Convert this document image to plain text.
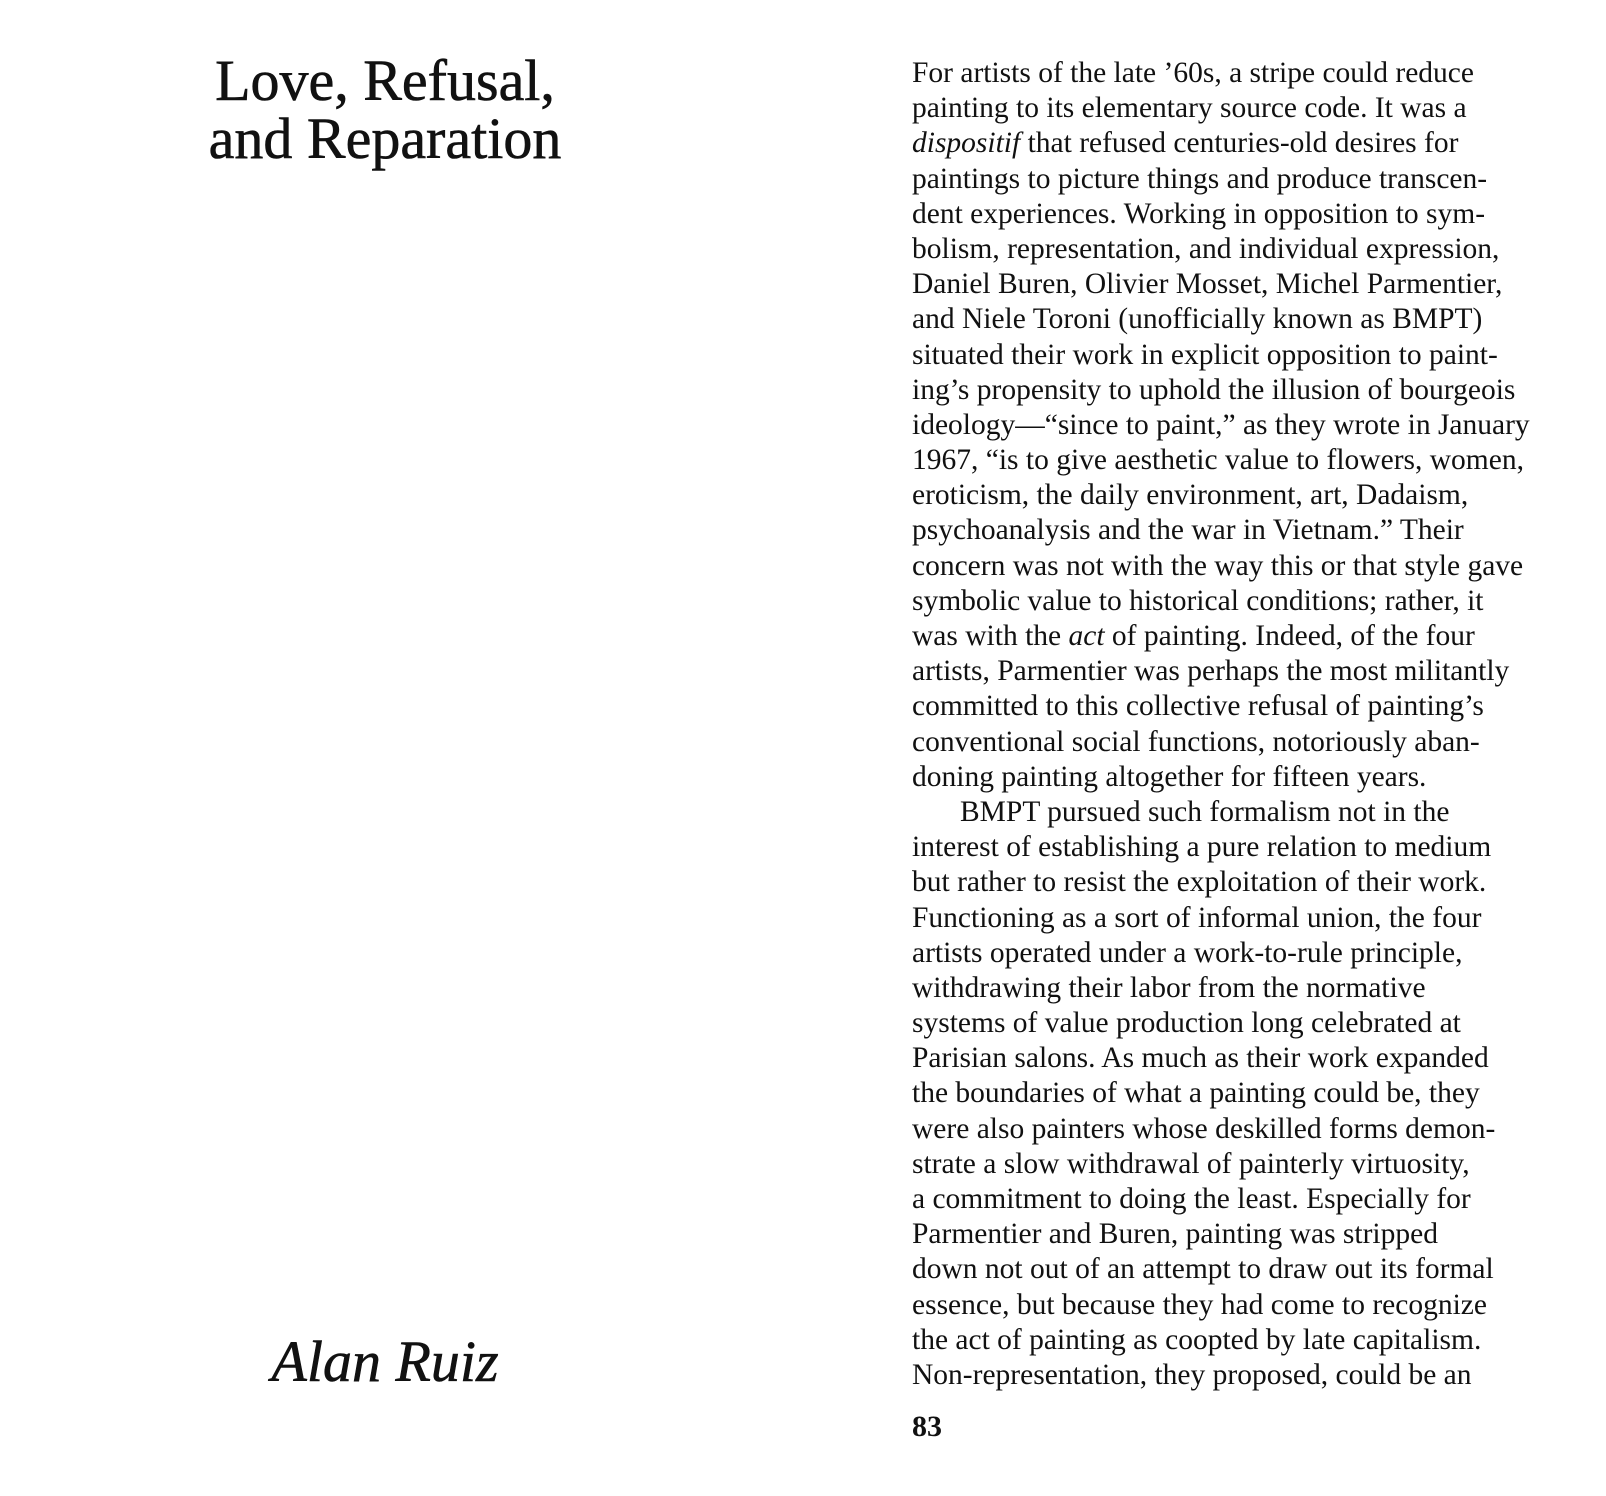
Love, Refusal,
and Reparation
Alan Ruiz
For artists of the late ’60s, a stripe could reduce
painting to its elementary source code. It was a
dispositif that refused centuries-old desires for
paintings to picture things and produce transcen-
dent experiences. Working in opposition to sym-
bolism, representation, and individual expression,
Daniel Buren, Olivier Mosset, Michel Parmentier,
and Niele Toroni (unofficially known as BMPT)
situated their work in explicit opposition to paint-
ing’s propensity to uphold the illusion of bourgeois
ideology—“since to paint,” as they wrote in January
1967, “is to give aesthetic value to flowers, women,
eroticism, the daily environment, art, Dadaism,
psychoanalysis and the war in Vietnam.” Their
concern was not with the way this or that style gave
symbolic value to historical conditions; rather, it
was with the act of painting. Indeed, of the four
artists, Parmentier was perhaps the most militantly
committed to this collective refusal of painting’s
conventional social functions, notoriously aban-
doning painting altogether for fifteen years.
BMPT pursued such formalism not in the
interest of establishing a pure relation to medium
but rather to resist the exploitation of their work.
Functioning as a sort of informal union, the four
artists operated under a work-to-rule principle,
withdrawing their labor from the normative
systems of value production long celebrated at
Parisian salons. As much as their work expanded
the boundaries of what a painting could be, they
were also painters whose deskilled forms demon-
strate a slow withdrawal of painterly virtuosity,
a commitment to doing the least. Especially for
Parmentier and Buren, painting was stripped
down not out of an attempt to draw out its formal
essence, but because they had come to recognize
the act of painting as coopted by late capitalism.
Non-representation, they proposed, could be an
83
